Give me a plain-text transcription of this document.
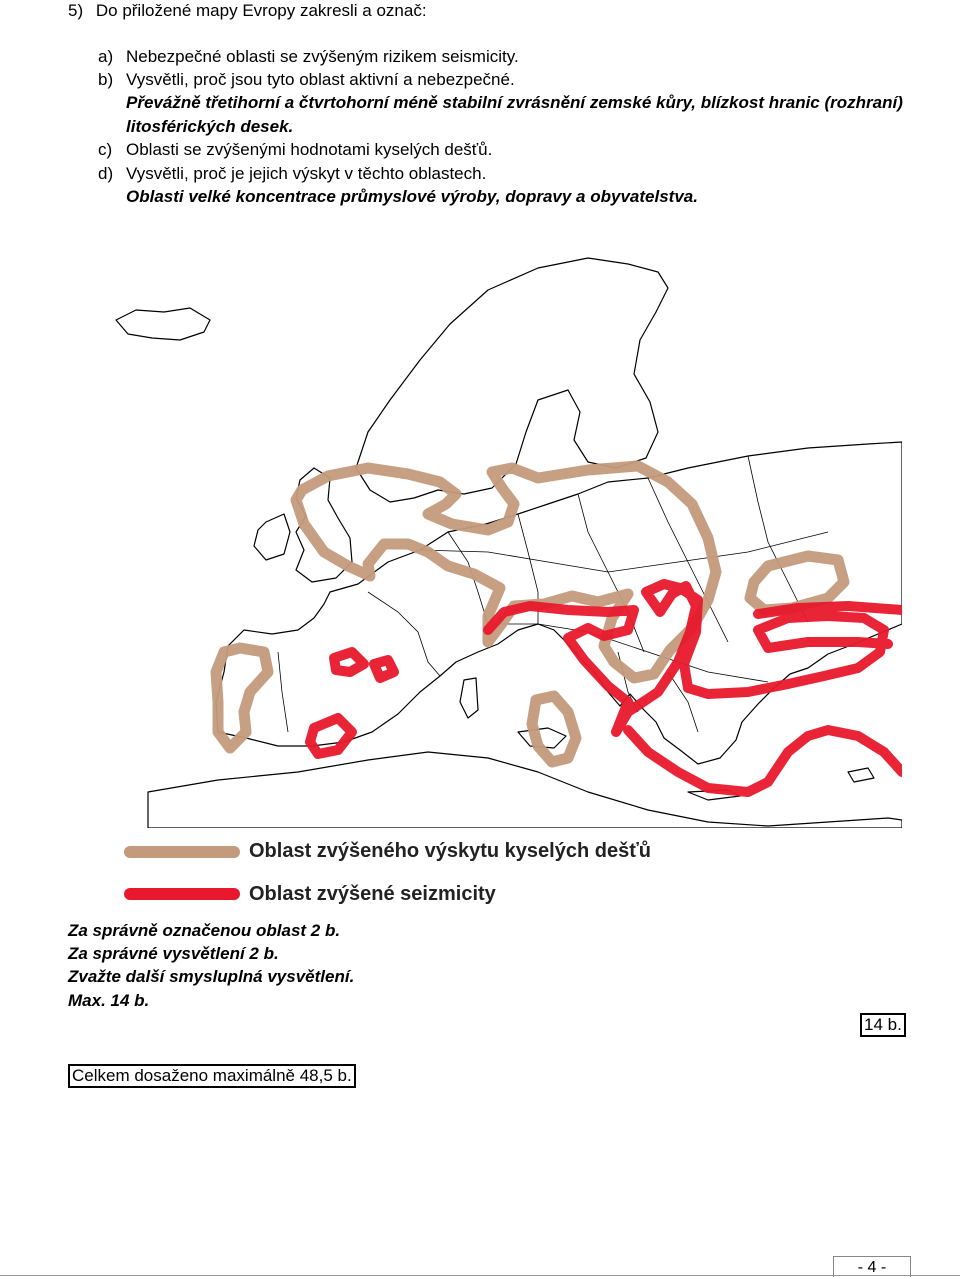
5) Do přiložené mapy Evropy zakresli a označ:
a) Nebezpečné oblasti se zvýšeným rizikem seismicity.
b) Vysvětli, proč jsou tyto oblast aktivní a nebezpečné.
Převážně třetihorní a čtvrtohorní méně stabilní zvrásnění zemské kůry, blízkost hranic (rozhraní)
litosférických desek.
c) Oblasti se zvýšenými hodnotami kyselých dešťů.
d) Vysvětli, proč je jejich výskyt v těchto oblastech.
Oblasti velké koncentrace průmyslové výroby, dopravy a obyvatelstva.
Oblast zvýšeného výskytu kyselých dešťů
Oblast zvýšené seizmicity
Za správně označenou oblast 2 b.
Za správné vysvětlení 2 b.
Zvažte další smysluplná vysvětlení.
Max. 14 b.
14 b.
Celkem dosaženo maximálně 48,5 b.
- 4 -
